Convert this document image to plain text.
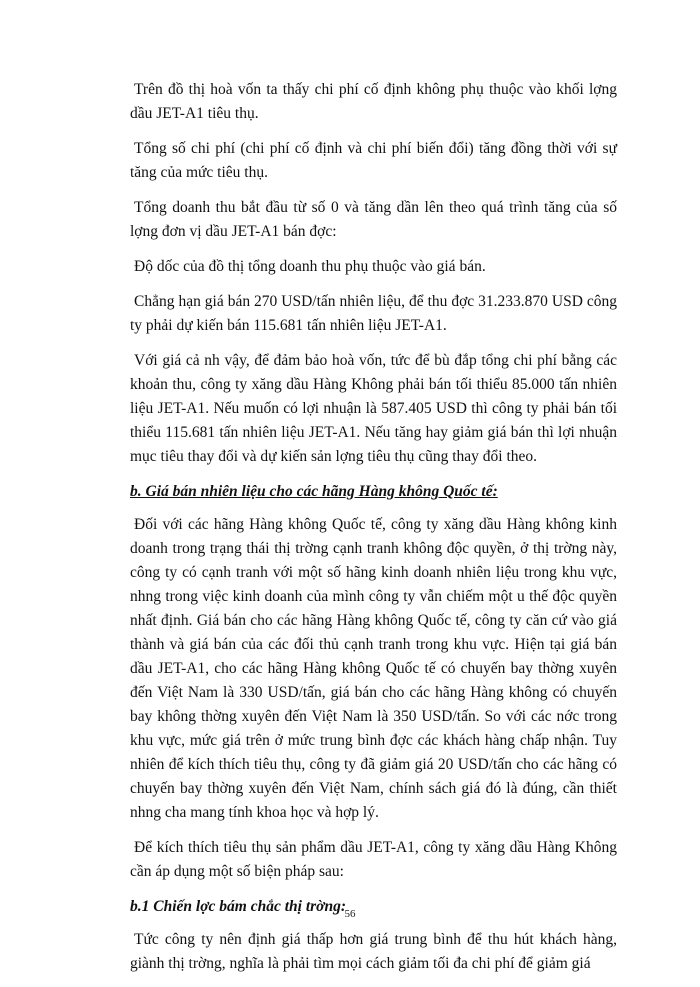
Trên đồ thị hoà vốn ta thấy chi phí cố định không phụ thuộc vào khối lợng dầu JET-A1 tiêu thụ.

Tổng số chi phí (chi phí cố định và chi phí biến đổi) tăng đồng thời với sự tăng của mức tiêu thụ.

Tổng doanh thu bắt đầu từ số 0 và tăng dần lên theo quá trình tăng của số lợng đơn vị dầu JET-A1 bán đợc:

Độ dốc của đồ thị tổng doanh thu phụ thuộc vào giá bán.

Chẳng hạn giá bán 270 USD/tấn nhiên liệu, để thu đợc 31.233.870 USD công ty phải dự kiến bán 115.681 tấn nhiên liệu JET-A1.

Với giá cả nh vậy, để đảm bảo hoà vốn, tức để bù đắp tổng chi phí bằng các khoản thu, công ty xăng dầu Hàng Không phải bán tối thiểu 85.000 tấn nhiên liệu JET-A1. Nếu muốn có lợi nhuận là 587.405 USD thì công ty phải bán tối thiểu 115.681 tấn nhiên liệu JET-A1. Nếu tăng hay giảm giá bán thì lợi nhuận mục tiêu thay đổi và dự kiến sản lợng tiêu thụ cũng thay đổi theo.

b. Giá bán nhiên liệu cho các hãng Hàng không Quốc tế:

Đối với các hãng Hàng không Quốc tế, công ty xăng dầu Hàng không kinh doanh trong trạng thái thị trờng cạnh tranh không độc quyền, ở thị trờng này, công ty có cạnh tranh với một số hãng kinh doanh nhiên liệu trong khu vực, nhng trong việc kinh doanh của mình công ty vẫn chiếm một u thế độc quyền nhất định. Giá bán cho các hãng Hàng không Quốc tế, công ty căn cứ vào giá thành và giá bán của các đối thủ cạnh tranh trong khu vực. Hiện tại giá bán dầu JET-A1, cho các hãng Hàng không Quốc tế có chuyến bay thờng xuyên đến Việt Nam là 330 USD/tấn, giá bán cho các hãng Hàng không có chuyến bay không thờng xuyên đến Việt Nam là 350 USD/tấn. So với các nớc trong khu vực, mức giá trên ở mức trung bình đợc các khách hàng chấp nhận. Tuy nhiên để kích thích tiêu thụ, công ty đã giảm giá 20 USD/tấn cho các hãng có chuyến bay thờng xuyên đến Việt Nam, chính sách giá đó là đúng, cần thiết nhng cha mang tính khoa học và hợp lý.

Để kích thích tiêu thụ sản phẩm dầu JET-A1, công ty xăng dầu Hàng Không cần áp dụng một số biện pháp sau:

b.1 Chiến lợc bám chắc thị trờng:

Tức công ty nên định giá thấp hơn giá trung bình để thu hút khách hàng, giành thị trờng, nghĩa là phải tìm mọi cách giảm tối đa chi phí để giảm giá

56
